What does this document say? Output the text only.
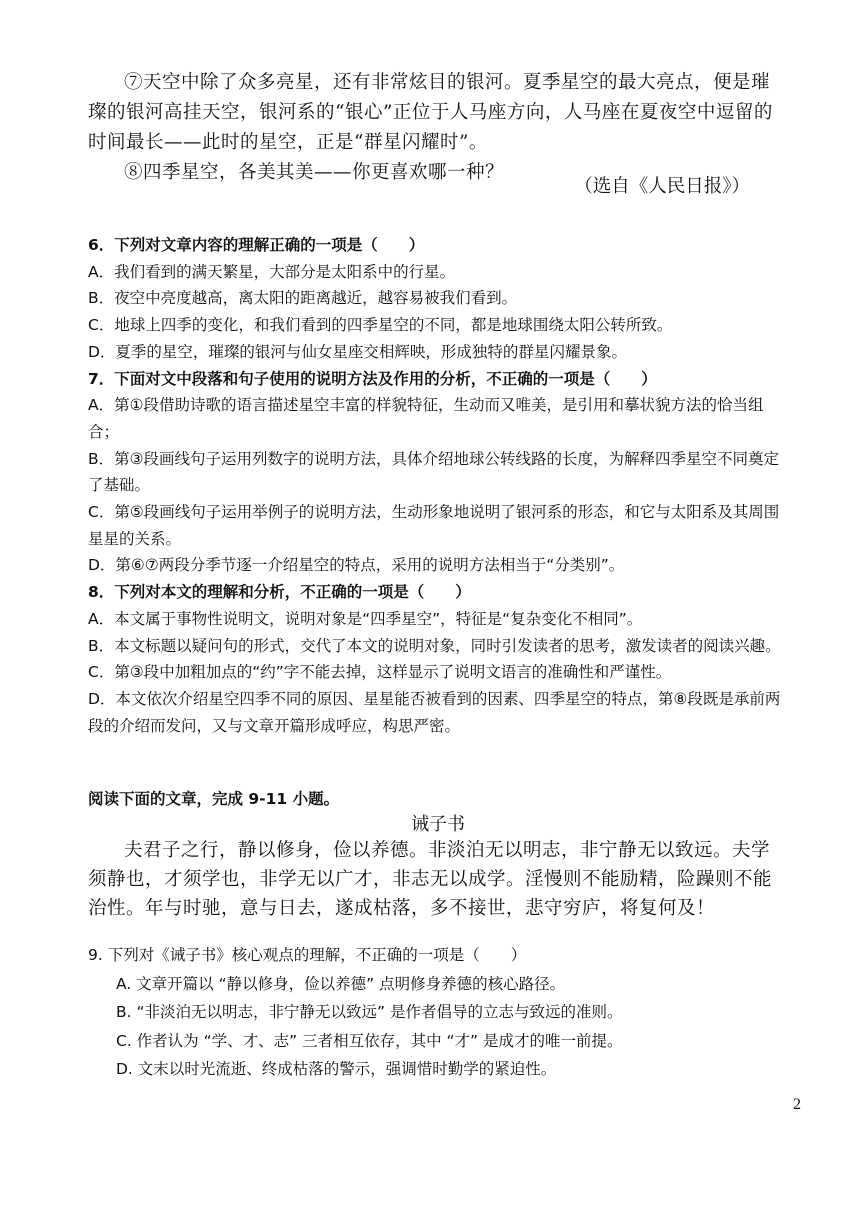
⑦天空中除了众多亮星，还有非常炫目的银河。夏季星空的最大亮点，便是璀璨的银河高挂天空，银河系的“银心”正位于人马座方向，人马座在夏夜空中逗留的时间最长——此时的星空，正是“群星闪耀时”。

⑧四季星空，各美其美——你更喜欢哪一种？

（选自《人民日报》）

6．下列对文章内容的理解正确的一项是（　　）

A．我们看到的满天繁星，大部分是太阳系中的行星。

B．夜空中亮度越高，离太阳的距离越近，越容易被我们看到。

C．地球上四季的变化，和我们看到的四季星空的不同，都是地球围绕太阳公转所致。

D．夏季的星空，璀璨的银河与仙女星座交相辉映，形成独特的群星闪耀景象。

7．下面对文中段落和句子使用的说明方法及作用的分析，不正确的一项是（　　）

A．第①段借助诗歌的语言描述星空丰富的样貌特征，生动而又唯美，是引用和摹状貌方法的恰当组合；

B．第③段画线句子运用列数字的说明方法，具体介绍地球公转线路的长度，为解释四季星空不同奠定了基础。

C．第⑤段画线句子运用举例子的说明方法，生动形象地说明了银河系的形态，和它与太阳系及其周围星星的关系。

D．第⑥⑦两段分季节逐一介绍星空的特点，采用的说明方法相当于“分类别”。

8．下列对本文的理解和分析，不正确的一项是（　　）

A．本文属于事物性说明文，说明对象是“四季星空”，特征是“复杂变化不相同”。

B．本文标题以疑问句的形式，交代了本文的说明对象，同时引发读者的思考，激发读者的阅读兴趣。

C．第③段中加粗加点的“约”字不能去掉，这样显示了说明文语言的准确性和严谨性。

D．本文依次介绍星空四季不同的原因、星星能否被看到的因素、四季星空的特点，第⑧段既是承前两段的介绍而发问，又与文章开篇形成呼应，构思严密。

阅读下面的文章，完成 9-11 小题。

诫子书

夫君子之行，静以修身，俭以养德。非淡泊无以明志，非宁静无以致远。夫学须静也，才须学也，非学无以广才，非志无以成学。淫慢则不能励精，险躁则不能治性。年与时驰，意与日去，遂成枯落，多不接世，悲守穷庐，将复何及！

9. 下列对《诫子书》核心观点的理解，不正确的一项是（　　）

A. 文章开篇以 “静以修身，俭以养德” 点明修身养德的核心路径。

B. “非淡泊无以明志，非宁静无以致远” 是作者倡导的立志与致远的准则。

C. 作者认为 “学、才、志” 三者相互依存，其中 “才” 是成才的唯一前提。

D. 文末以时光流逝、终成枯落的警示，强调惜时勤学的紧迫性。

2
